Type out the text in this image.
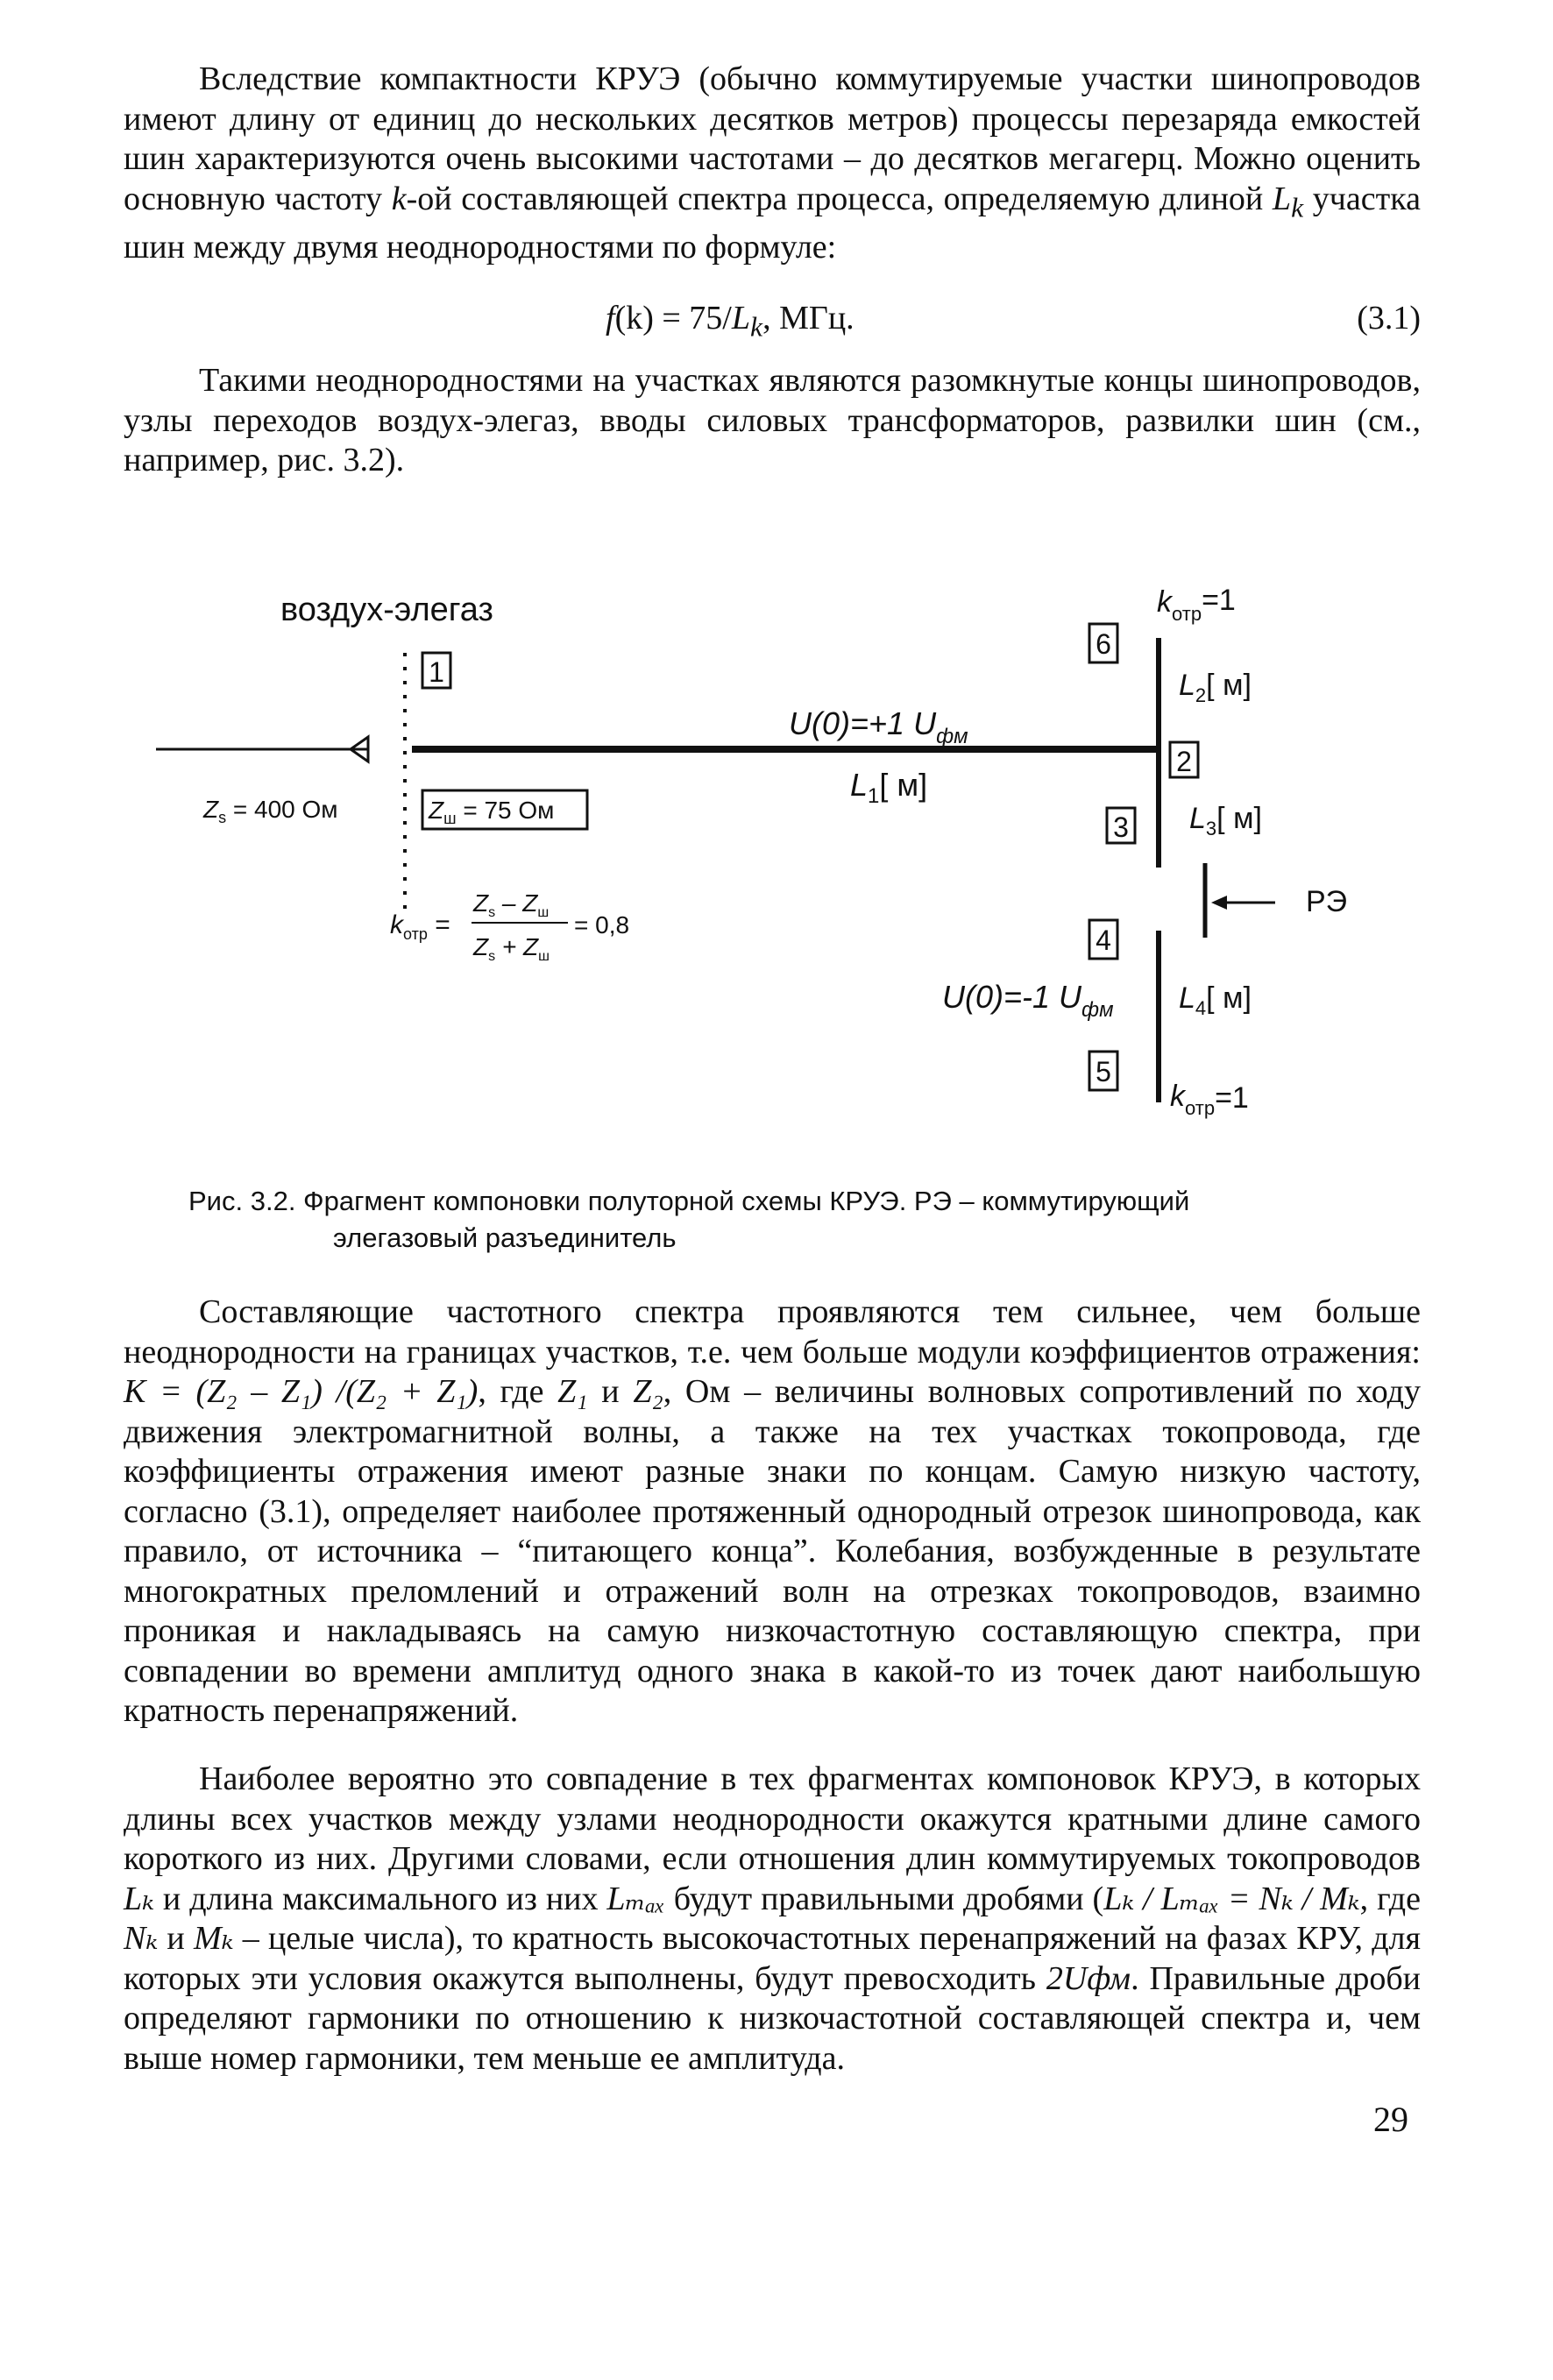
Вследствие компактности КРУЭ (обычно коммутируемые участки шинопроводов имеют длину от единиц до нескольких десятков метров) процессы перезаряда емкостей шин характеризуются очень высокими частотами – до десятков мегагерц. Можно оценить основную частоту k-ой составляющей спектра процесса, определяемую длиной $L_k$ участка шин между двумя неоднородностями по формуле:

$f(k) = 75/L_k$, МГц.	(3.1)

Такими неоднородностями на участках являются разомкнутые концы шинопроводов, узлы переходов воздух-элегаз, вводы силовых трансформаторов, развилки шин (см., например, рис. 3.2).

1
6
2
3
4
5
$Z_ш = 75$ Ом
воздух-элегаз
$Z_s = 400$ Ом
$k_{отр}$ =
$Z_s - Z_ш$
$Z_s + Z_ш$
= 0,8
U(0)=+1 $U_{фм}$
$L_1$[ м]
U(0)=-1 $U_{фм}$
$k_{отр}=1$
$L_2$[ м]
$L_3$[ м]
РЭ
$L_4$[ м]
$k_{отр}=1$

Рис. 3.2. Фрагмент компоновки полуторной схемы КРУЭ. РЭ – коммутирующий
элегазовый разъединитель

Составляющие частотного спектра проявляются тем сильнее, чем больше неоднородности на границах участков, т.е. чем больше модули коэффициентов отражения: K = (Z₂ – Z₁) /(Z₂ + Z₁), где Z₁ и Z₂, Ом – величины волновых сопротивлений по ходу движения электромагнитной волны, а также на тех участках токопровода, где коэффициенты отражения имеют разные знаки по концам. Самую низкую частоту, согласно (3.1), определяет наиболее протяженный однородный отрезок шинопровода, как правило, от источника – “питающего конца”. Колебания, возбужденные в результате многократных преломлений и отражений волн на отрезках токопроводов, взаимно проникая и накладываясь на самую низкочастотную составляющую спектра, при совпадении во времени амплитуд одного знака в какой-то из точек дают наибольшую кратность перенапряжений.

Наиболее вероятно это совпадение в тех фрагментах компоновок КРУЭ, в которых длины всех участков между узлами неоднородности окажутся кратными длине самого короткого из них. Другими словами, если отношения длин коммутируемых токопроводов Lₖ и длина максимального из них Lₘₐₓ будут правильными дробями (Lₖ / Lₘₐₓ = Nₖ / Mₖ, где Nₖ и Mₖ – целые числа), то кратность высокочастотных перенапряжений на фазах КРУ, для которых эти условия окажутся выполнены, будут превосходить 2Uфм. Правильные дроби определяют гармоники по отношению к низкочастотной составляющей спектра и, чем выше номер гармоники, тем меньше ее амплитуда.

29
